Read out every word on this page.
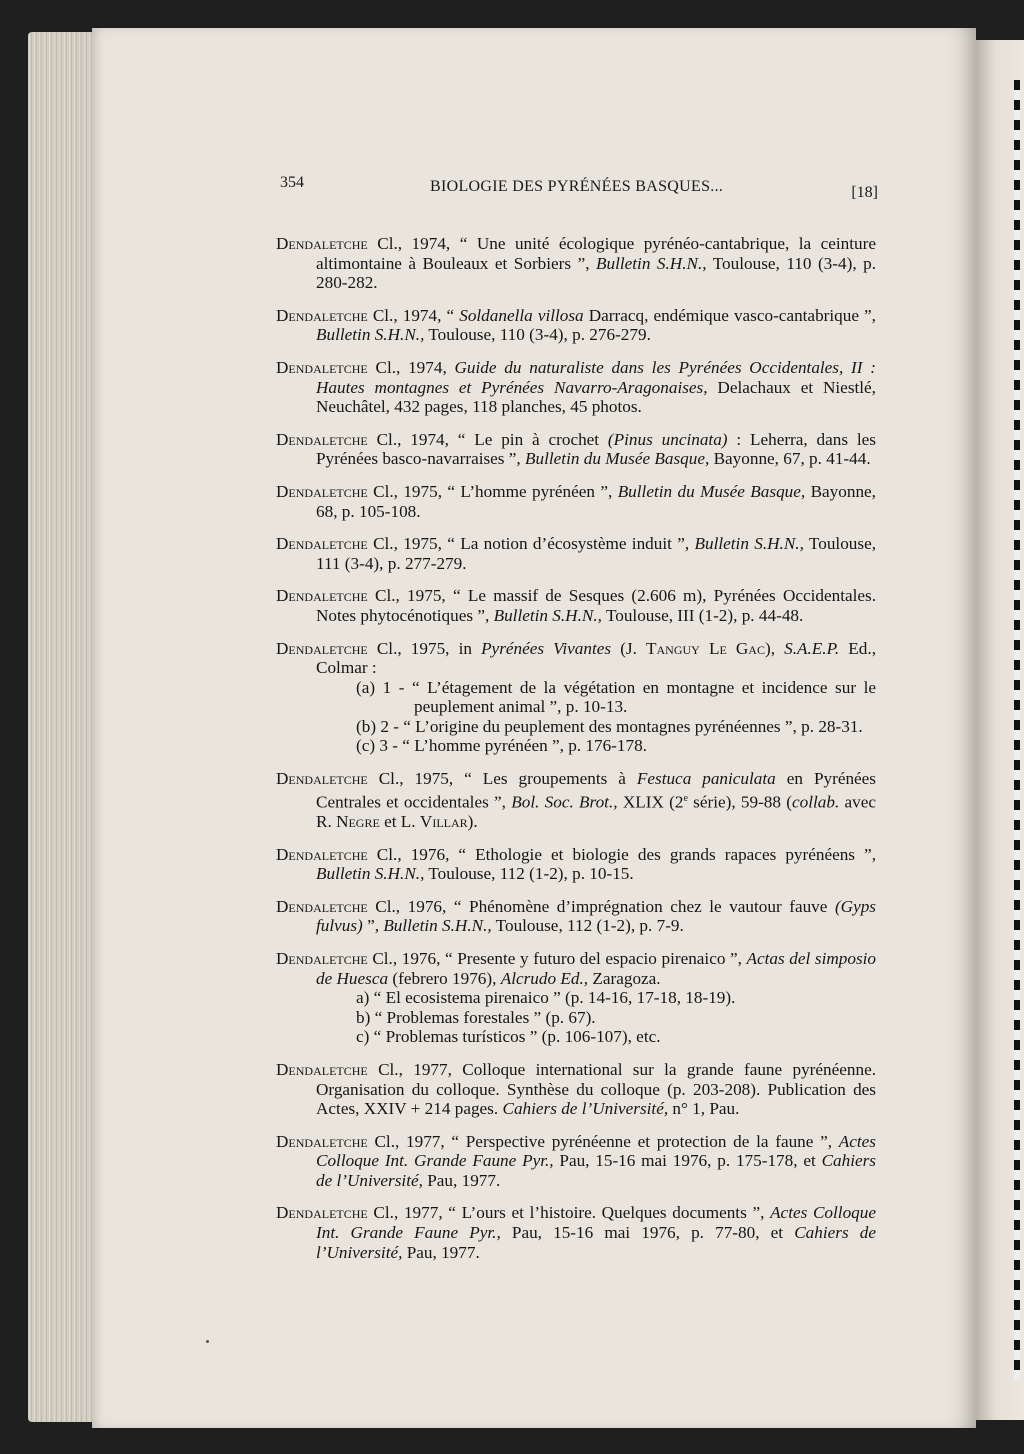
354	BIOLOGIE DES PYRÉNÉES BASQUES...	[18]

Dendaletche Cl., 1974, “ Une unité écologique pyrénéo-cantabrique, la ceinture altimontaine à Bouleaux et Sorbiers ”, Bulletin S.H.N., Toulouse, 110 (3-4), p. 280-282.

Dendaletche Cl., 1974, “ Soldanella villosa Darracq, endémique vasco-cantabrique ”, Bulletin S.H.N., Toulouse, 110 (3-4), p. 276-279.

Dendaletche Cl., 1974, Guide du naturaliste dans les Pyrénées Occidentales, II : Hautes montagnes et Pyrénées Navarro-Aragonaises, Delachaux et Niestlé, Neuchâtel, 432 pages, 118 planches, 45 photos.

Dendaletche Cl., 1974, “ Le pin à crochet (Pinus uncinata) : Leherra, dans les Pyrénées basco-navarraises ”, Bulletin du Musée Basque, Bayonne, 67, p. 41-44.

Dendaletche Cl., 1975, “ L’homme pyrénéen ”, Bulletin du Musée Basque, Bayonne, 68, p. 105-108.

Dendaletche Cl., 1975, “ La notion d’écosystème induit ”, Bulletin S.H.N., Toulouse, 111 (3-4), p. 277-279.

Dendaletche Cl., 1975, “ Le massif de Sesques (2.606 m), Pyrénées Occidentales. Notes phytocénotiques ”, Bulletin S.H.N., Toulouse, III (1-2), p. 44-48.

Dendaletche Cl., 1975, in Pyrénées Vivantes (J. Tanguy Le Gac), S.A.E.P. Ed., Colmar :

(a) 1 - “ L’étagement de la végétation en montagne et incidence sur le peuplement animal ”, p. 10-13.

(b) 2 - “ L’origine du peuplement des montagnes pyrénéennes ”, p. 28-31.

(c) 3 - “ L’homme pyrénéen ”, p. 176-178.

Dendaletche Cl., 1975, “ Les groupements à Festuca paniculata en Pyrénées Centrales et occidentales ”, Bol. Soc. Brot., XLIX (2e série), 59-88 (collab. avec R. Negre et L. Villar).

Dendaletche Cl., 1976, “ Ethologie et biologie des grands rapaces pyrénéens ”, Bulletin S.H.N., Toulouse, 112 (1-2), p. 10-15.

Dendaletche Cl., 1976, “ Phénomène d’imprégnation chez le vautour fauve (Gyps fulvus) ”, Bulletin S.H.N., Toulouse, 112 (1-2), p. 7-9.

Dendaletche Cl., 1976, “ Presente y futuro del espacio pirenaico ”, Actas del simposio de Huesca (febrero 1976), Alcrudo Ed., Zaragoza.

a) “ El ecosistema pirenaico ” (p. 14-16, 17-18, 18-19).

b) “ Problemas forestales ” (p. 67).

c) “ Problemas turísticos ” (p. 106-107), etc.

Dendaletche Cl., 1977, Colloque international sur la grande faune pyrénéenne. Organisation du colloque. Synthèse du colloque (p. 203-208). Publication des Actes, XXIV + 214 pages. Cahiers de l’Université, n° 1, Pau.

Dendaletche Cl., 1977, “ Perspective pyrénéenne et protection de la faune ”, Actes Colloque Int. Grande Faune Pyr., Pau, 15-16 mai 1976, p. 175-178, et Cahiers de l’Université, Pau, 1977.

Dendaletche Cl., 1977, “ L’ours et l’histoire. Quelques documents ”, Actes Colloque Int. Grande Faune Pyr., Pau, 15-16 mai 1976, p. 77-80, et Cahiers de l’Université, Pau, 1977.
